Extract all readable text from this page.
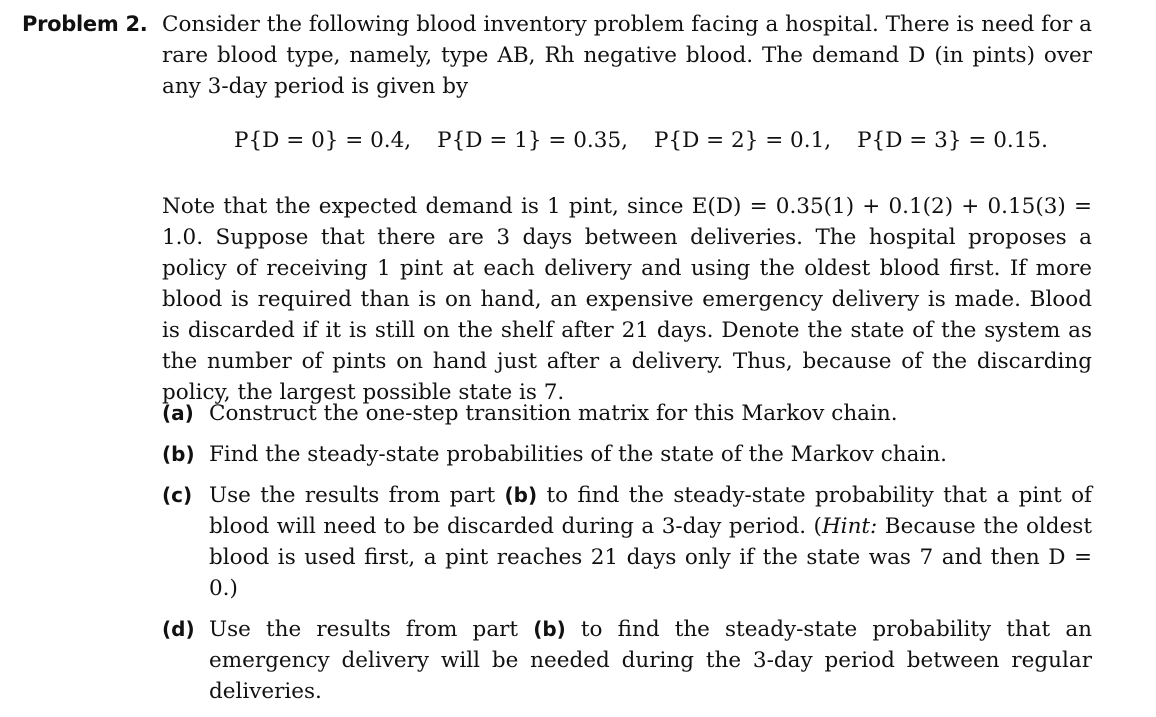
Problem 2. Consider the following blood inventory problem facing a hospital. There is need for a rare blood type, namely, type AB, Rh negative blood. The demand D (in pints) over any 3-day period is given by
P{D = 0} = 0.4, P{D = 1} = 0.35, P{D = 2} = 0.1, P{D = 3} = 0.15.
Note that the expected demand is 1 pint, since E(D) = 0.35(1) + 0.1(2) + 0.15(3) = 1.0. Suppose that there are 3 days between deliveries. The hospital proposes a policy of receiving 1 pint at each delivery and using the oldest blood first. If more blood is required than is on hand, an expensive emergency delivery is made. Blood is discarded if it is still on the shelf after 21 days. Denote the state of the system as the number of pints on hand just after a delivery. Thus, because of the discarding policy, the largest possible state is 7.
(a) Construct the one-step transition matrix for this Markov chain.
(b) Find the steady-state probabilities of the state of the Markov chain.
(c) Use the results from part (b) to find the steady-state probability that a pint of blood will need to be discarded during a 3-day period. (Hint: Because the oldest blood is used first, a pint reaches 21 days only if the state was 7 and then D = 0.)
(d) Use the results from part (b) to find the steady-state probability that an emergency delivery will be needed during the 3-day period between regular deliveries.
